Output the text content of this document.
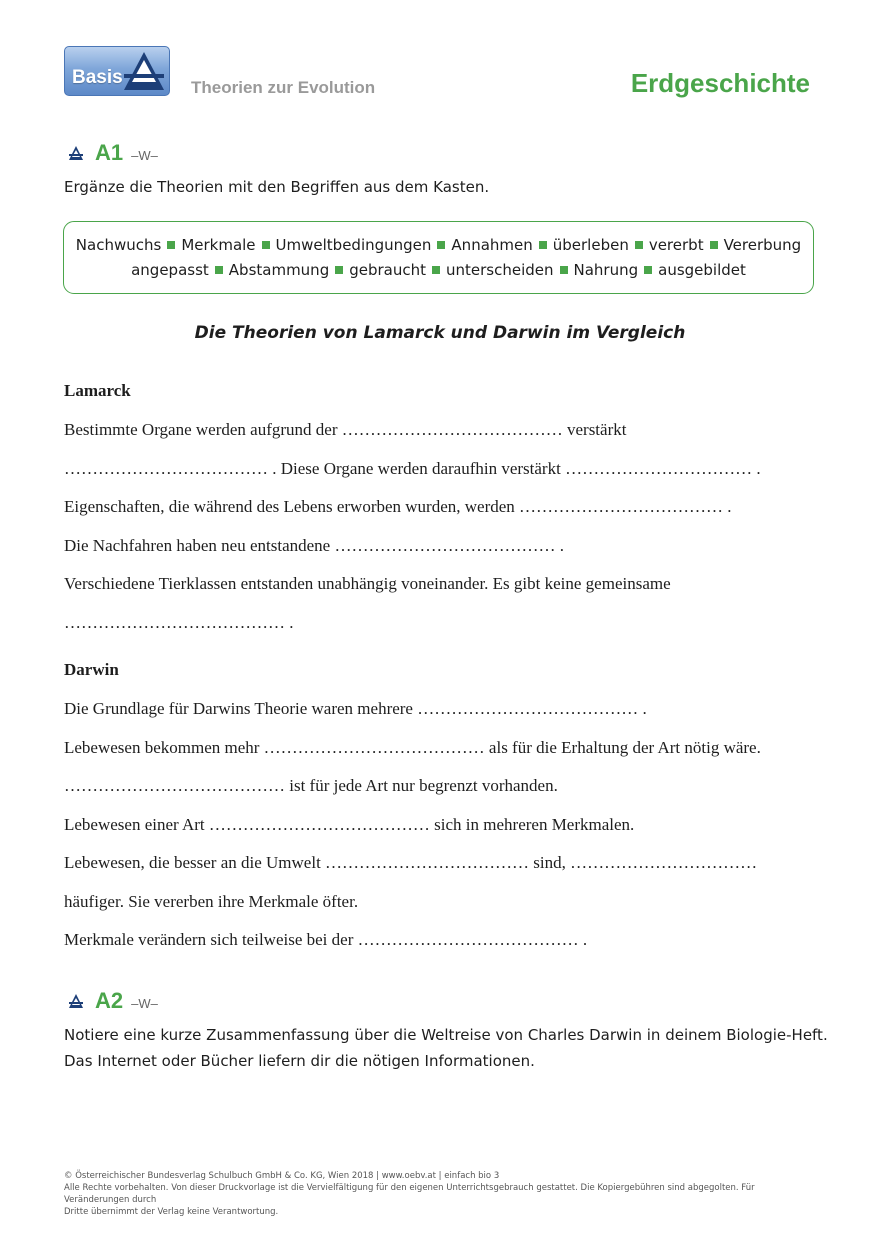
Basis	Theorien zur Evolution	Erdgeschichte
A1 –W–
Ergänze die Theorien mit den Begriffen aus dem Kasten.
Nachwuchs Merkmale Umweltbedingungen Annahmen überleben vererbt Vererbung
angepasst Abstammung gebraucht unterscheiden Nahrung ausgebildet
Die Theorien von Lamarck und Darwin im Vergleich
Lamarck
Bestimmte Organe werden aufgrund der ………………………………… verstärkt
……………………………… . Diese Organe werden daraufhin verstärkt …………………………… .
Eigenschaften, die während des Lebens erworben wurden, werden ……………………………… .
Die Nachfahren haben neu entstandene ………………………………… .
Verschiedene Tierklassen entstanden unabhängig voneinander. Es gibt keine gemeinsame
………………………………… .
Darwin
Die Grundlage für Darwins Theorie waren mehrere ………………………………… .
Lebewesen bekommen mehr ………………………………… als für die Erhaltung der Art nötig wäre.
………………………………… ist für jede Art nur begrenzt vorhanden.
Lebewesen einer Art ………………………………… sich in mehreren Merkmalen.
Lebewesen, die besser an die Umwelt ……………………………… sind, ……………………………
häufiger. Sie vererben ihre Merkmale öfter.
Merkmale verändern sich teilweise bei der ………………………………… .
A2 –W–
Notiere eine kurze Zusammenfassung über die Weltreise von Charles Darwin in deinem Biologie-Heft.
Das Internet oder Bücher liefern dir die nötigen Informationen.
© Österreichischer Bundesverlag Schulbuch GmbH & Co. KG, Wien 2018 | www.oebv.at | einfach bio 3
Alle Rechte vorbehalten. Von dieser Druckvorlage ist die Vervielfältigung für den eigenen Unterrichtsgebrauch gestattet. Die Kopiergebühren sind abgegolten. Für Veränderungen durch
Dritte übernimmt der Verlag keine Verantwortung.
